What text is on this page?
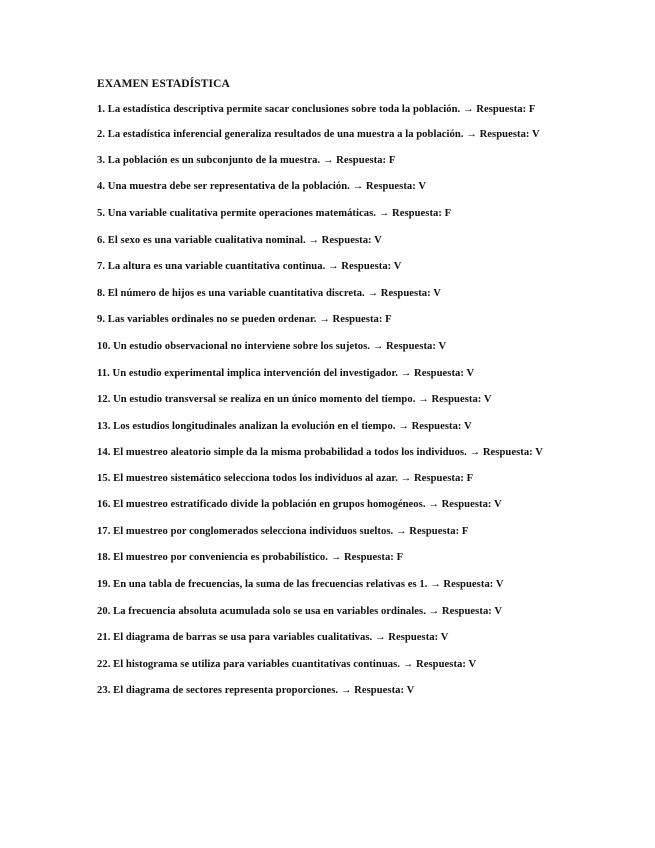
EXAMEN ESTADÍSTICA
1. La estadística descriptiva permite sacar conclusiones sobre toda la población. → Respuesta: F
2. La estadística inferencial generaliza resultados de una muestra a la población. → Respuesta: V
3. La población es un subconjunto de la muestra. → Respuesta: F
4. Una muestra debe ser representativa de la población. → Respuesta: V
5. Una variable cualitativa permite operaciones matemáticas. → Respuesta: F
6. El sexo es una variable cualitativa nominal. → Respuesta: V
7. La altura es una variable cuantitativa continua. → Respuesta: V
8. El número de hijos es una variable cuantitativa discreta. → Respuesta: V
9. Las variables ordinales no se pueden ordenar. → Respuesta: F
10. Un estudio observacional no interviene sobre los sujetos. → Respuesta: V
11. Un estudio experimental implica intervención del investigador. → Respuesta: V
12. Un estudio transversal se realiza en un único momento del tiempo. → Respuesta: V
13. Los estudios longitudinales analizan la evolución en el tiempo. → Respuesta: V
14. El muestreo aleatorio simple da la misma probabilidad a todos los individuos. → Respuesta: V
15. El muestreo sistemático selecciona todos los individuos al azar. → Respuesta: F
16. El muestreo estratificado divide la población en grupos homogéneos. → Respuesta: V
17. El muestreo por conglomerados selecciona individuos sueltos. → Respuesta: F
18. El muestreo por conveniencia es probabilístico. → Respuesta: F
19. En una tabla de frecuencias, la suma de las frecuencias relativas es 1. → Respuesta: V
20. La frecuencia absoluta acumulada solo se usa en variables ordinales. → Respuesta: V
21. El diagrama de barras se usa para variables cualitativas. → Respuesta: V
22. El histograma se utiliza para variables cuantitativas continuas. → Respuesta: V
23. El diagrama de sectores representa proporciones. → Respuesta: V
